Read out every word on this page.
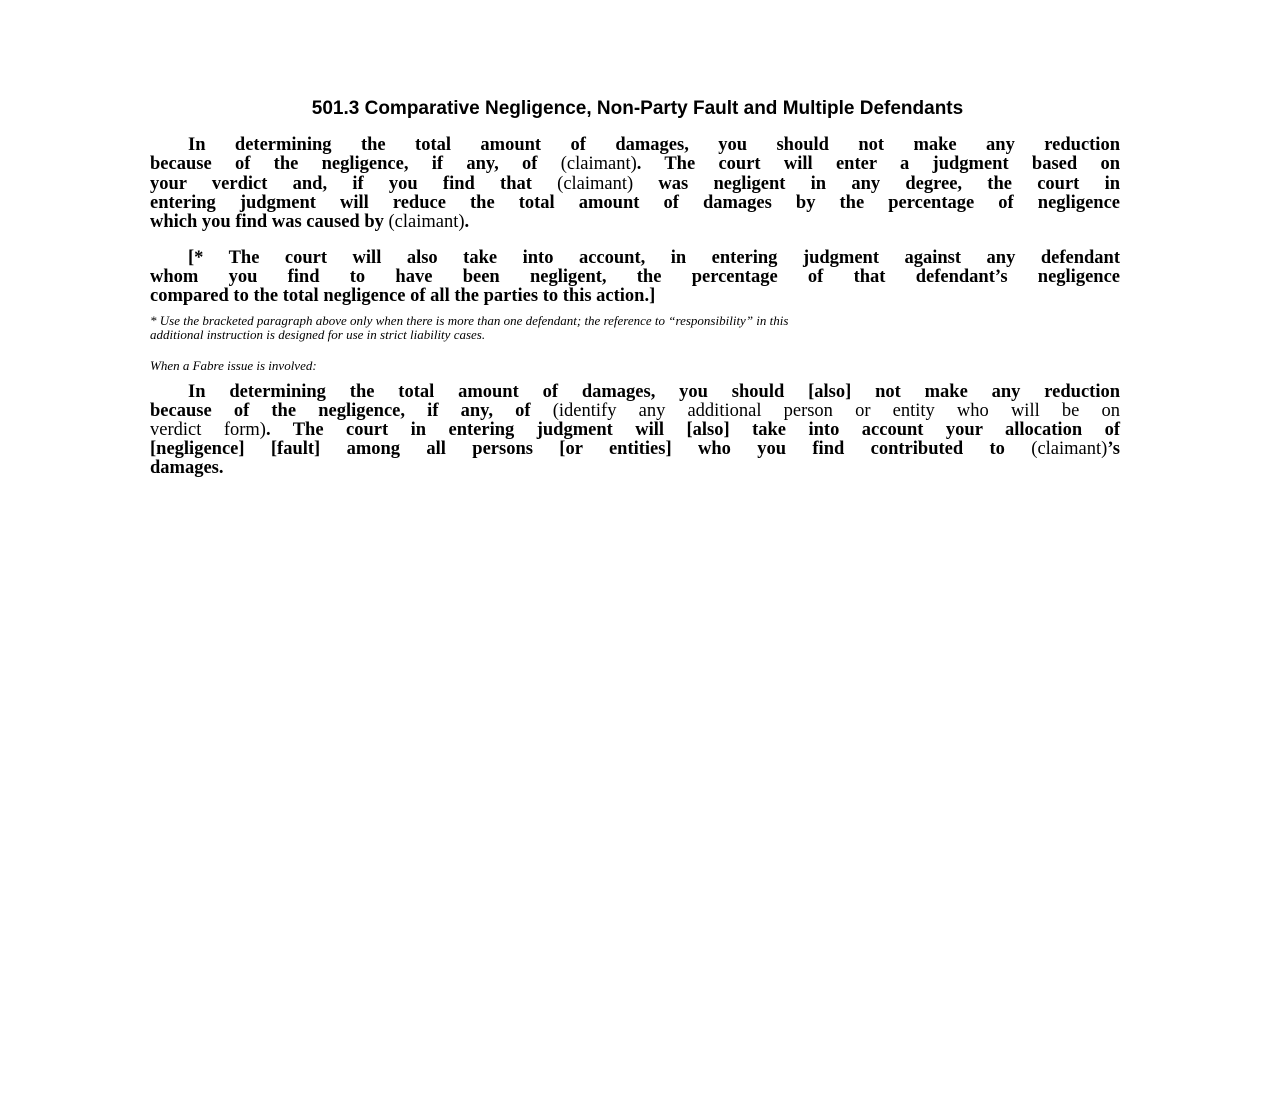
501.3 Comparative Negligence, Non-Party Fault and Multiple Defendants
In determining the total amount of damages, you should not make any reduction
because of the negligence, if any, of (claimant). The court will enter a judgment based on
your verdict and, if you find that (claimant) was negligent in any degree, the court in
entering judgment will reduce the total amount of damages by the percentage of negligence
which you find was caused by (claimant).
[* The court will also take into account, in entering judgment against any defendant
whom you find to have been negligent, the percentage of that defendant’s negligence
compared to the total negligence of all the parties to this action.]
* Use the bracketed paragraph above only when there is more than one defendant; the reference to “responsibility” in this
additional instruction is designed for use in strict liability cases.
When a Fabre issue is involved:
In determining the total amount of damages, you should [also] not make any reduction
because of the negligence, if any, of (identify any additional person or entity who will be on
verdict form). The court in entering judgment will [also] take into account your allocation of
[negligence] [fault] among all persons [or entities] who you find contributed to (claimant)’s
damages.
